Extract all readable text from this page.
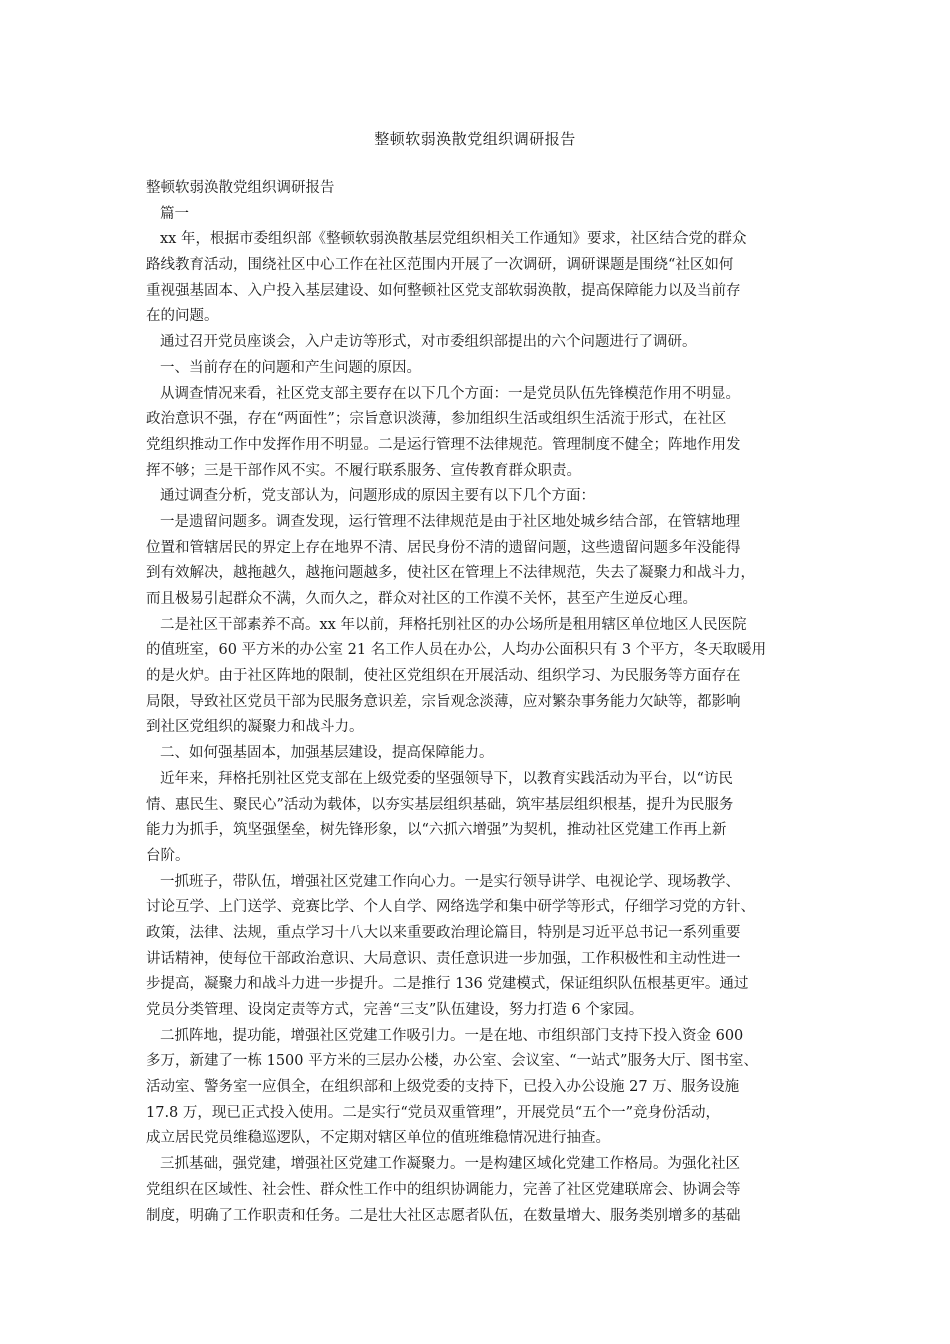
整顿软弱涣散党组织调研报告
整顿软弱涣散党组织调研报告
篇一
xx 年，根据市委组织部《整顿软弱涣散基层党组织相关工作通知》要求，社区结合党的群众
路线教育活动，围绕社区中心工作在社区范围内开展了一次调研，调研课题是围绕“社区如何
重视强基固本、入户投入基层建设、如何整顿社区党支部软弱涣散，提高保障能力以及当前存
在的问题。
通过召开党员座谈会，入户走访等形式，对市委组织部提出的六个问题进行了调研。
一、当前存在的问题和产生问题的原因。
从调查情况来看，社区党支部主要存在以下几个方面：一是党员队伍先锋模范作用不明显。
政治意识不强，存在“两面性”；宗旨意识淡薄，参加组织生活或组织生活流于形式，在社区
党组织推动工作中发挥作用不明显。二是运行管理不法律规范。管理制度不健全；阵地作用发
挥不够；三是干部作风不实。不履行联系服务、宣传教育群众职责。
通过调查分析，党支部认为，问题形成的原因主要有以下几个方面：
一是遗留问题多。调查发现，运行管理不法律规范是由于社区地处城乡结合部，在管辖地理
位置和管辖居民的界定上存在地界不清、居民身份不清的遗留问题，这些遗留问题多年没能得
到有效解决，越拖越久，越拖问题越多，使社区在管理上不法律规范，失去了凝聚力和战斗力，
而且极易引起群众不满，久而久之，群众对社区的工作漠不关怀，甚至产生逆反心理。
二是社区干部素养不高。xx 年以前，拜格托别社区的办公场所是租用辖区单位地区人民医院
的值班室，60 平方米的办公室 21 名工作人员在办公，人均办公面积只有 3 个平方，冬天取暖用
的是火炉。由于社区阵地的限制，使社区党组织在开展活动、组织学习、为民服务等方面存在
局限，导致社区党员干部为民服务意识差，宗旨观念淡薄，应对繁杂事务能力欠缺等，都影响
到社区党组织的凝聚力和战斗力。
二、如何强基固本，加强基层建设，提高保障能力。
近年来，拜格托别社区党支部在上级党委的坚强领导下，以教育实践活动为平台，以“访民
情、惠民生、聚民心”活动为载体，以夯实基层组织基础，筑牢基层组织根基，提升为民服务
能力为抓手，筑坚强堡垒，树先锋形象，以“六抓六增强”为契机，推动社区党建工作再上新
台阶。
一抓班子，带队伍，增强社区党建工作向心力。一是实行领导讲学、电视论学、现场教学、
讨论互学、上门送学、竞赛比学、个人自学、网络选学和集中研学等形式，仔细学习党的方针、
政策，法律、法规，重点学习十八大以来重要政治理论篇目，特别是习近平总书记一系列重要
讲话精神，使每位干部政治意识、大局意识、责任意识进一步加强，工作积极性和主动性进一
步提高，凝聚力和战斗力进一步提升。二是推行 136 党建模式，保证组织队伍根基更牢。通过
党员分类管理、设岗定责等方式，完善“三支”队伍建设，努力打造 6 个家园。
二抓阵地，提功能，增强社区党建工作吸引力。一是在地、市组织部门支持下投入资金 600
多万，新建了一栋 1500 平方米的三层办公楼，办公室、会议室、“一站式”服务大厅、图书室、
活动室、警务室一应俱全，在组织部和上级党委的支持下，已投入办公设施 27 万、服务设施
17.8 万，现已正式投入使用。二是实行“党员双重管理”，开展党员“五个一”竞身份活动，
成立居民党员维稳巡逻队，不定期对辖区单位的值班维稳情况进行抽查。
三抓基础，强党建，增强社区党建工作凝聚力。一是构建区域化党建工作格局。为强化社区
党组织在区域性、社会性、群众性工作中的组织协调能力，完善了社区党建联席会、协调会等
制度，明确了工作职责和任务。二是壮大社区志愿者队伍，在数量增大、服务类别增多的基础
